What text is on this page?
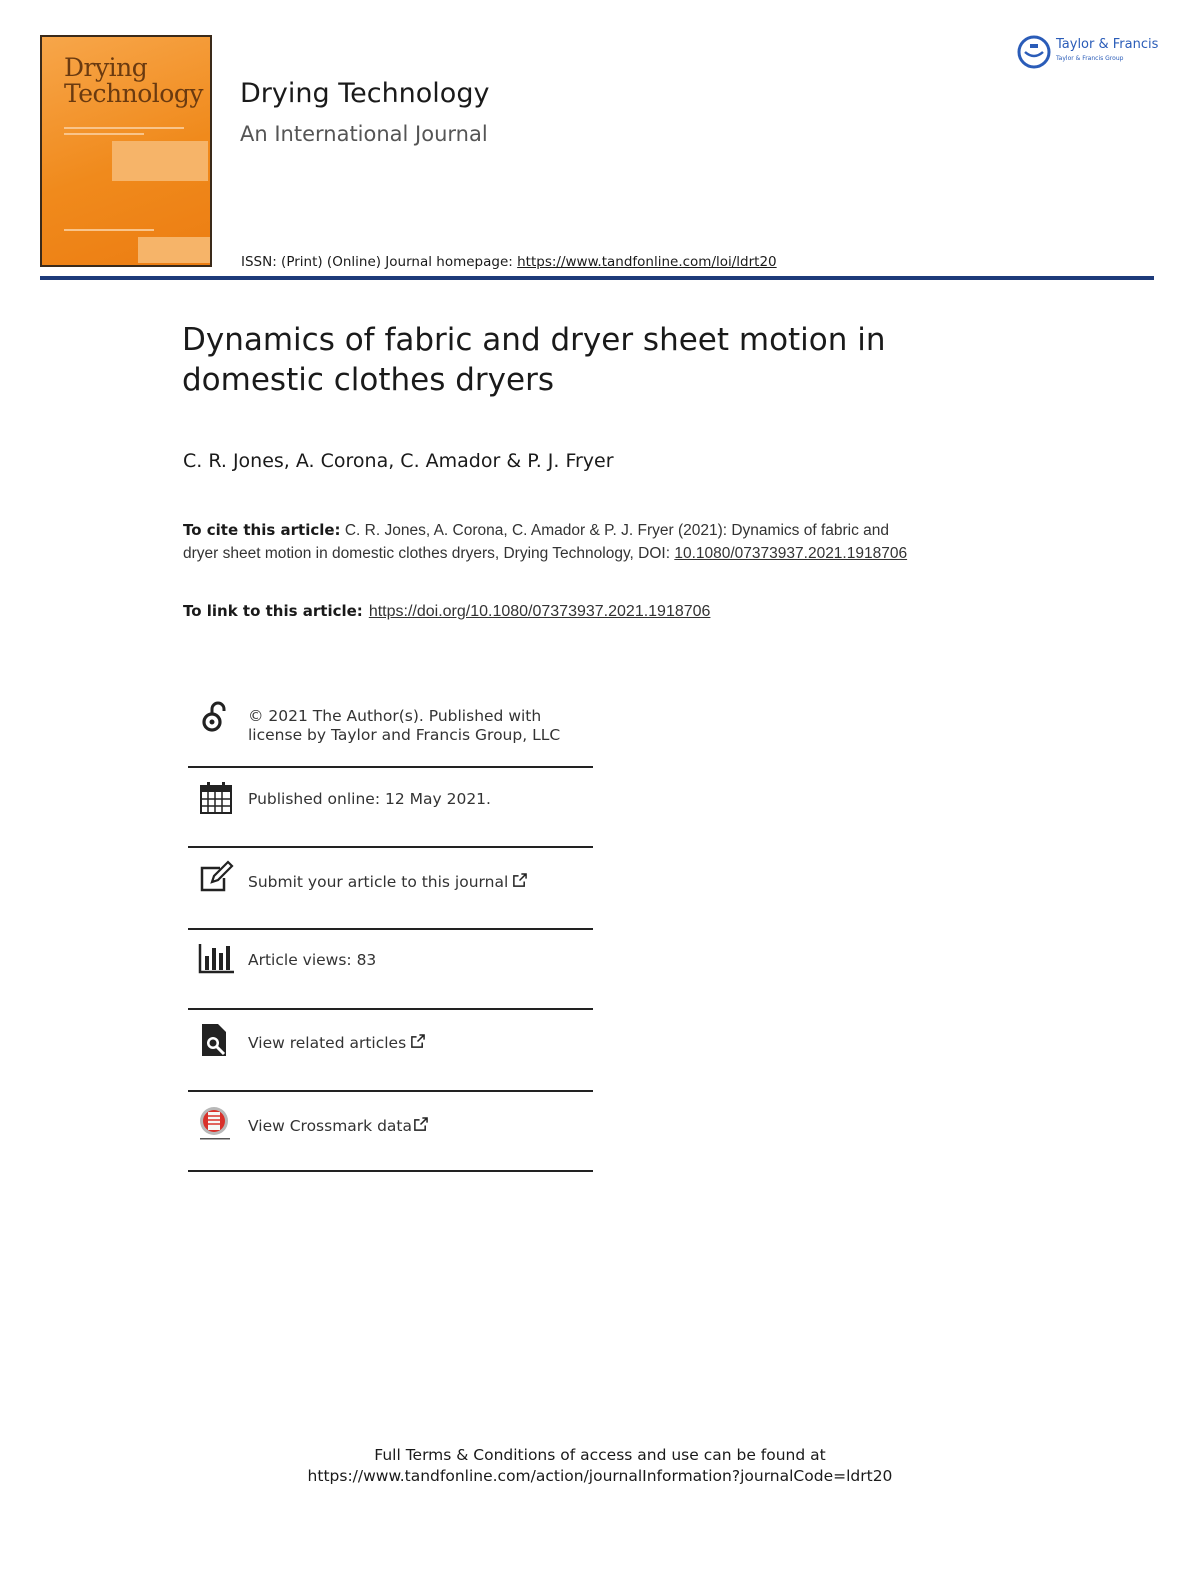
Drying
Technology Drying Technology
An International Journal
ISSN: (Print) (Online) Journal homepage: https://www.tandfonline.com/loi/ldrt20
Taylor & Francis
Taylor & Francis Group
Dynamics of fabric and dryer sheet motion in domestic clothes dryers
C. R. Jones, A. Corona, C. Amador & P. J. Fryer
To cite this article: C. R. Jones, A. Corona, C. Amador & P. J. Fryer (2021): Dynamics of fabric and dryer sheet motion in domestic clothes dryers, Drying Technology, DOI: 10.1080/07373937.2021.1918706
To link to this article: https://doi.org/10.1080/07373937.2021.1918706
© 2021 The Author(s). Published with
license by Taylor and Francis Group, LLC
Published online: 12 May 2021.
Submit your article to this journal
Article views: 83
View related articles
View Crossmark data
Full Terms & Conditions of access and use can be found at
https://www.tandfonline.com/action/journalInformation?journalCode=ldrt20
